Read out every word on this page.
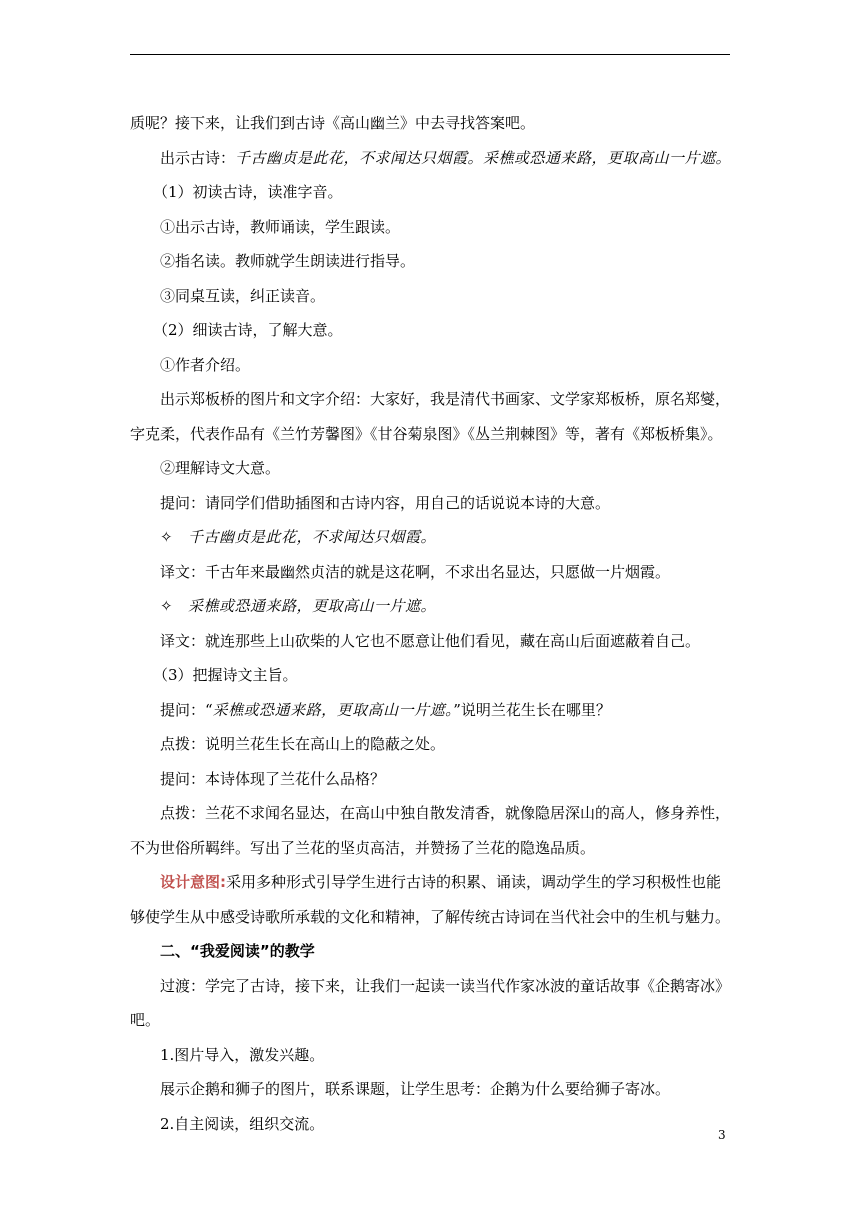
质呢？接下来，让我们到古诗《高山幽兰》中去寻找答案吧。

出示古诗：千古幽贞是此花，不求闻达只烟霞。采樵或恐通来路，更取高山一片遮。

（1）初读古诗，读准字音。

①出示古诗，教师诵读，学生跟读。

②指名读。教师就学生朗读进行指导。

③同桌互读，纠正读音。

（2）细读古诗，了解大意。

①作者介绍。

出示郑板桥的图片和文字介绍：大家好，我是清代书画家、文学家郑板桥，原名郑燮，

字克柔，代表作品有《兰竹芳馨图》《甘谷菊泉图》《丛兰荆棘图》等，著有《郑板桥集》。

②理解诗文大意。

提问：请同学们借助插图和古诗内容，用自己的话说说本诗的大意。

✧ 千古幽贞是此花，不求闻达只烟霞。

译文：千古年来最幽然贞洁的就是这花啊，不求出名显达，只愿做一片烟霞。

✧ 采樵或恐通来路，更取高山一片遮。

译文：就连那些上山砍柴的人它也不愿意让他们看见，藏在高山后面遮蔽着自己。

（3）把握诗文主旨。

提问：“采樵或恐通来路，更取高山一片遮。”说明兰花生长在哪里？

点拨：说明兰花生长在高山上的隐蔽之处。

提问：本诗体现了兰花什么品格？

点拨：兰花不求闻名显达，在高山中独自散发清香，就像隐居深山的高人，修身养性，

不为世俗所羁绊。写出了兰花的坚贞高洁，并赞扬了兰花的隐逸品质。

设计意图:采用多种形式引导学生进行古诗的积累、诵读，调动学生的学习积极性也能

够使学生从中感受诗歌所承载的文化和精神，了解传统古诗词在当代社会中的生机与魅力。

二、“我爱阅读”的教学

过渡：学完了古诗，接下来，让我们一起读一读当代作家冰波的童话故事《企鹅寄冰》

吧。

1.图片导入，激发兴趣。

展示企鹅和狮子的图片，联系课题，让学生思考：企鹅为什么要给狮子寄冰。

2.自主阅读，组织交流。

3
